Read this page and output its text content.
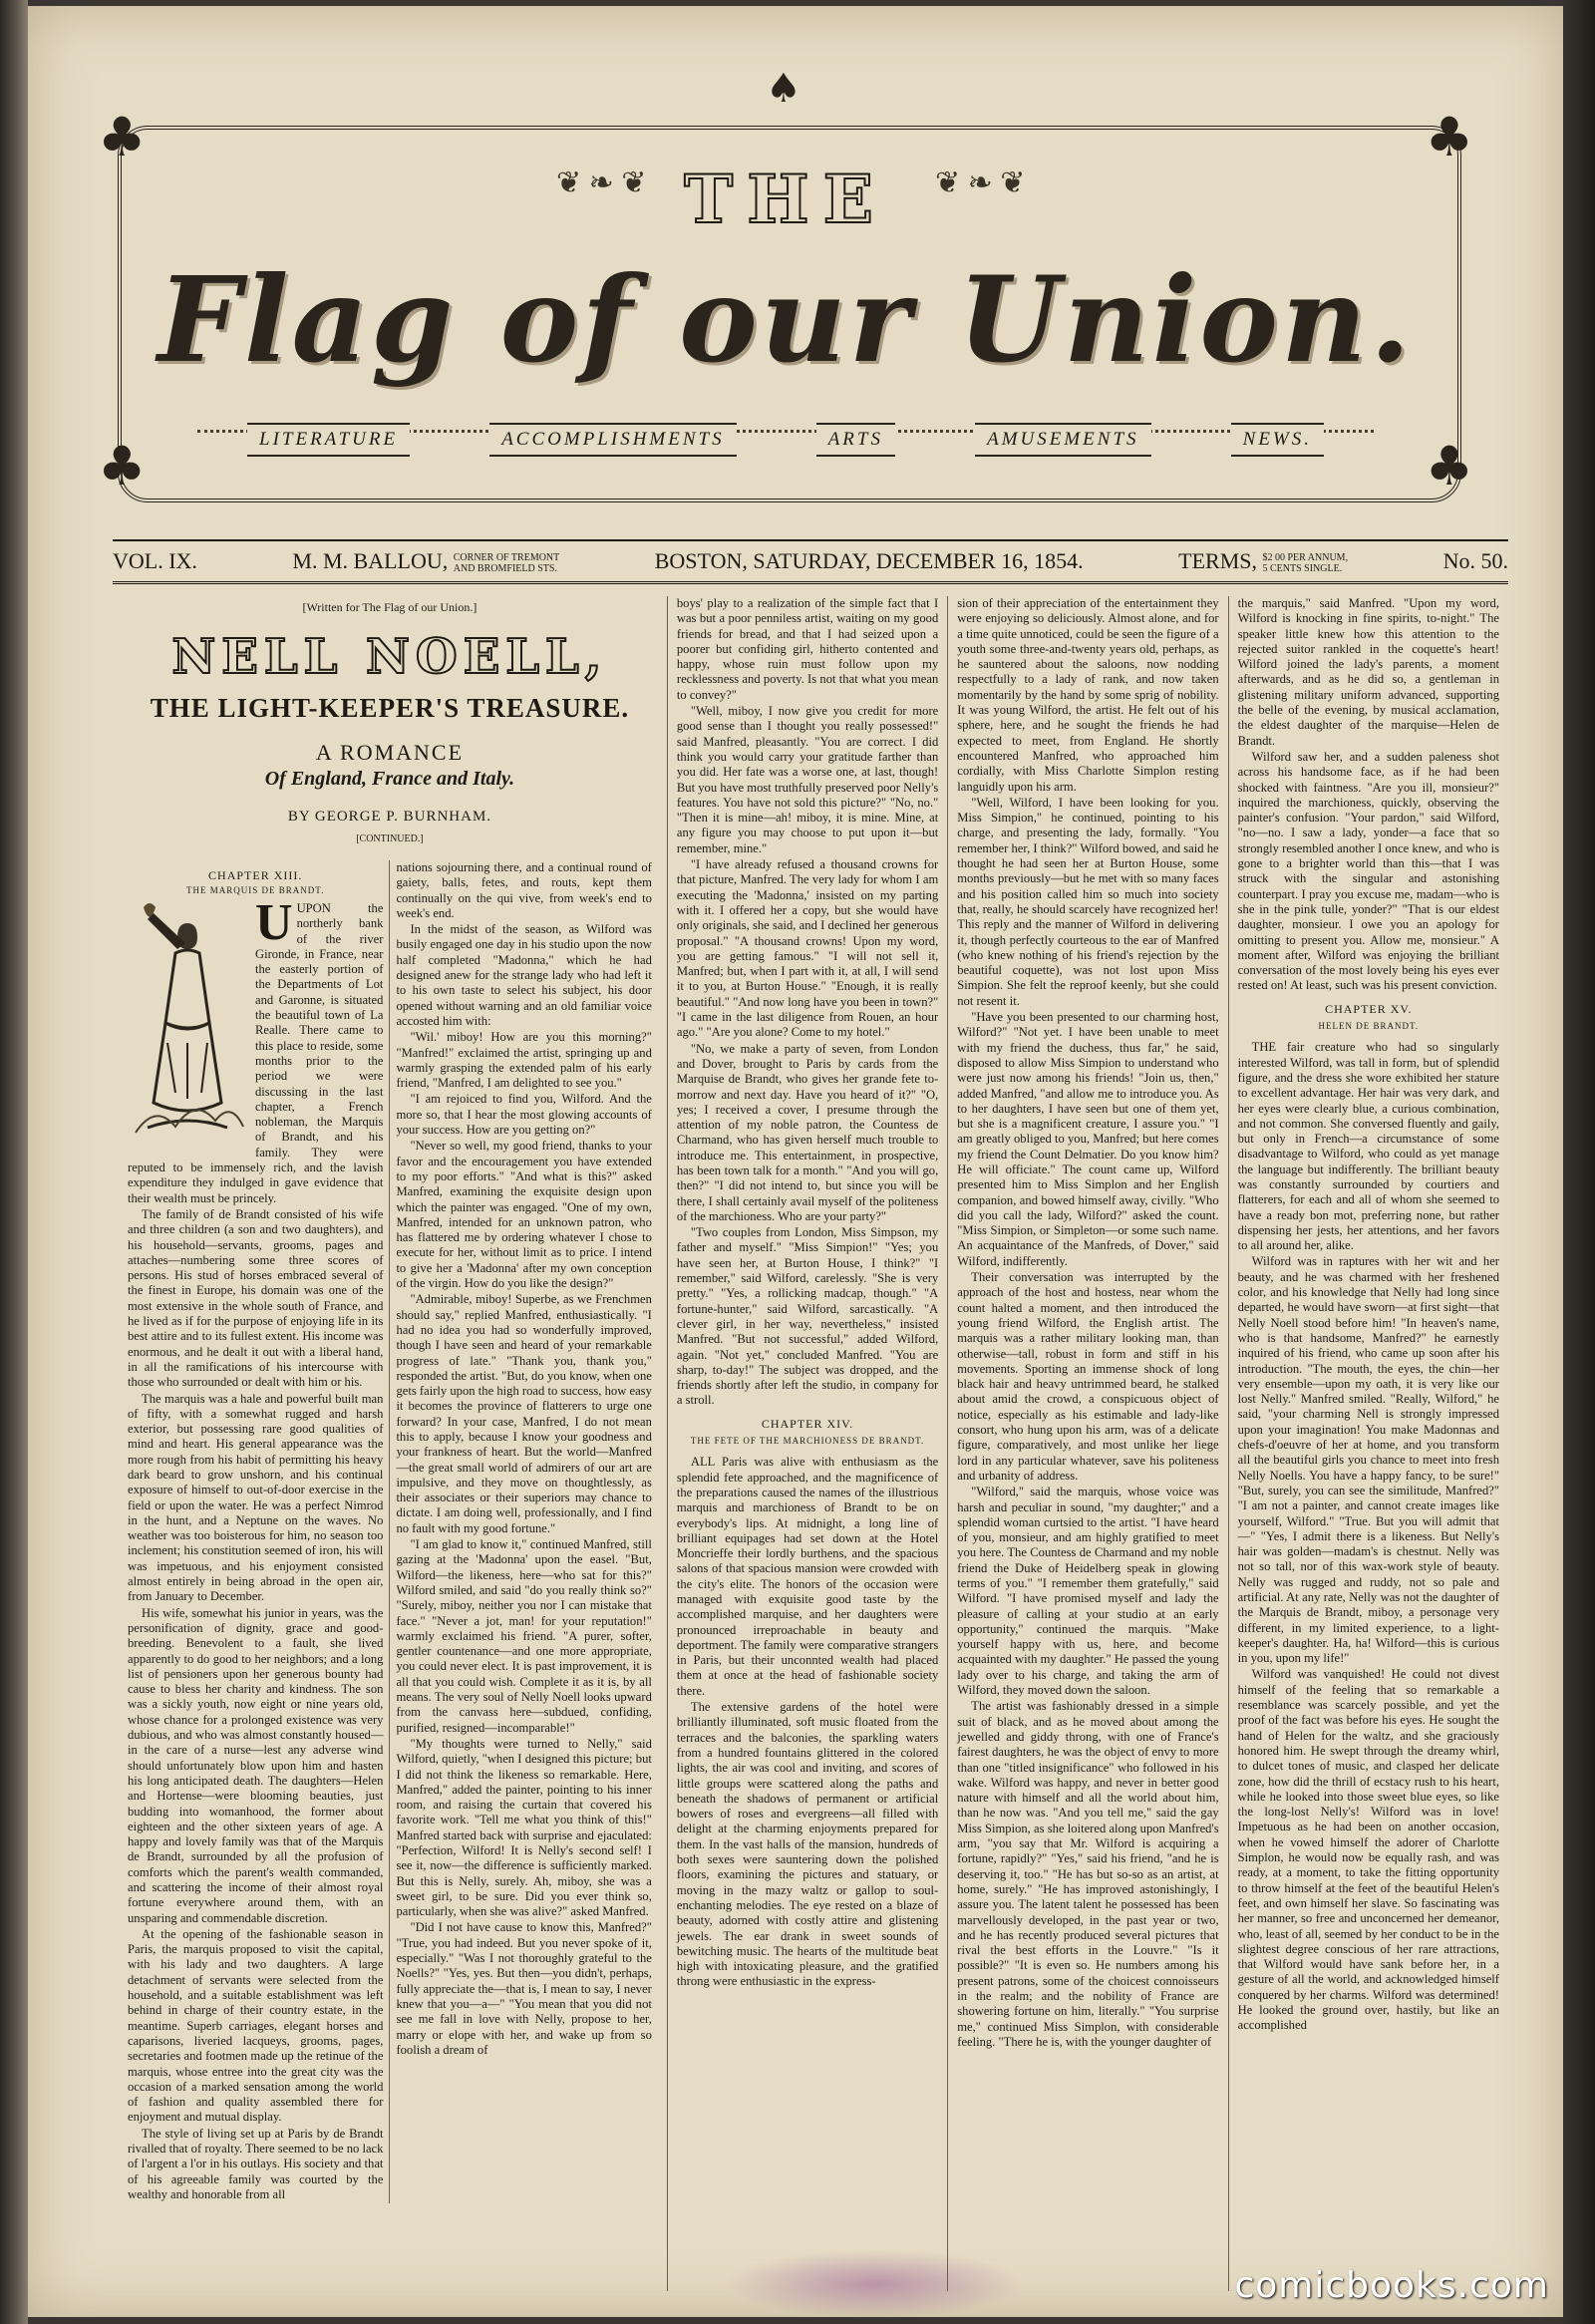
♣	♣
♣	♣
♠
❦ ❧ ❦	❦ ❧ ❦
THE
Flag of our Union.
LITERATURE	ACCOMPLISHMENTS	ARTS	AMUSEMENTS	NEWS.
VOL. IX.	M. M. BALLOU, CORNER OF TREMONT
AND BROMFIELD STS.	BOSTON, SATURDAY, DECEMBER 16, 1854.	TERMS, $2 00 PER ANNUM,
5 CENTS SINGLE.	No. 50.
[Written for The Flag of our Union.]
NELL NOELL,
THE LIGHT-KEEPER'S TREASURE.
A ROMANCE
Of England, France and Italy.
BY GEORGE P. BURNHAM.
[CONTINUED.]
CHAPTER XIII.
THE MARQUIS DE BRANDT.
U UPON the northerly bank of the river Gironde, in France, near the easterly portion of the Departments of Lot and Garonne, is situated the beautiful town of La Realle. There came to this place to reside, some months prior to the period we were discussing in the last chapter, a French nobleman, the Marquis of Brandt, and his family. They were reputed to be immensely rich, and the lavish expenditure they indulged in gave evidence that their wealth must be princely.

The family of de Brandt consisted of his wife and three children (a son and two daughters), and his household—servants, grooms, pages and attaches—numbering some three scores of persons. His stud of horses embraced several of the finest in Europe, his domain was one of the most extensive in the whole south of France, and he lived as if for the purpose of enjoying life in its best attire and to its fullest extent. His income was enormous, and he dealt it out with a liberal hand, in all the ramifications of his intercourse with those who surrounded or dealt with him or his.

The marquis was a hale and powerful built man of fifty, with a somewhat rugged and harsh exterior, but possessing rare good qualities of mind and heart. His general appearance was the more rough from his habit of permitting his heavy dark beard to grow unshorn, and his continual exposure of himself to out-of-door exercise in the field or upon the water. He was a perfect Nimrod in the hunt, and a Neptune on the waves. No weather was too boisterous for him, no season too inclement; his constitution seemed of iron, his will was impetuous, and his enjoyment consisted almost entirely in being abroad in the open air, from January to December.

His wife, somewhat his junior in years, was the personification of dignity, grace and good-breeding. Benevolent to a fault, she lived apparently to do good to her neighbors; and a long list of pensioners upon her generous bounty had cause to bless her charity and kindness. The son was a sickly youth, now eight or nine years old, whose chance for a prolonged existence was very dubious, and who was almost constantly housed—in the care of a nurse—lest any adverse wind should unfortunately blow upon him and hasten his long anticipated death. The daughters—Helen and Hortense—were blooming beauties, just budding into womanhood, the former about eighteen and the other sixteen years of age. A happy and lovely family was that of the Marquis de Brandt, surrounded by all the profusion of comforts which the parent's wealth commanded, and scattering the income of their almost royal fortune everywhere around them, with an unsparing and commendable discretion.

At the opening of the fashionable season in Paris, the marquis proposed to visit the capital, with his lady and two daughters. A large detachment of servants were selected from the household, and a suitable establishment was left behind in charge of their country estate, in the meantime. Superb carriages, elegant horses and caparisons, liveried lacqueys, grooms, pages, secretaries and footmen made up the retinue of the marquis, whose entree into the great city was the occasion of a marked sensation among the world of fashion and quality assembled there for enjoyment and mutual display.

The style of living set up at Paris by de Brandt rivalled that of royalty. There seemed to be no lack of l'argent a l'or in his outlays. His society and that of his agreeable family was courted by the wealthy and honorable from all

nations sojourning there, and a continual round of gaiety, balls, fetes, and routs, kept them continually on the qui vive, from week's end to week's end.

In the midst of the season, as Wilford was busily engaged one day in his studio upon the now half completed "Madonna," which he had designed anew for the strange lady who had left it to his own taste to select his subject, his door opened without warning and an old familiar voice accosted him with:

"Wil.' miboy! How are you this morning?" "Manfred!" exclaimed the artist, springing up and warmly grasping the extended palm of his early friend, "Manfred, I am delighted to see you."

"I am rejoiced to find you, Wilford. And the more so, that I hear the most glowing accounts of your success. How are you getting on?"

"Never so well, my good friend, thanks to your favor and the encouragement you have extended to my poor efforts." "And what is this?" asked Manfred, examining the exquisite design upon which the painter was engaged. "One of my own, Manfred, intended for an unknown patron, who has flattered me by ordering whatever I chose to execute for her, without limit as to price. I intend to give her a 'Madonna' after my own conception of the virgin. How do you like the design?"

"Admirable, miboy! Superbe, as we Frenchmen should say," replied Manfred, enthusiastically. "I had no idea you had so wonderfully improved, though I have seen and heard of your remarkable progress of late." "Thank you, thank you," responded the artist. "But, do you know, when one gets fairly upon the high road to success, how easy it becomes the province of flatterers to urge one forward? In your case, Manfred, I do not mean this to apply, because I know your goodness and your frankness of heart. But the world—Manfred—the great small world of admirers of our art are impulsive, and they move on thoughtlessly, as their associates or their superiors may chance to dictate. I am doing well, professionally, and I find no fault with my good fortune."

"I am glad to know it," continued Manfred, still gazing at the 'Madonna' upon the easel. "But, Wilford—the likeness, here—who sat for this?" Wilford smiled, and said "do you really think so?" "Surely, miboy, neither you nor I can mistake that face." "Never a jot, man! for your reputation!" warmly exclaimed his friend. "A purer, softer, gentler countenance—and one more appropriate, you could never elect. It is past improvement, it is all that you could wish. Complete it as it is, by all means. The very soul of Nelly Noell looks upward from the canvass here—subdued, confiding, purified, resigned—incomparable!"

"My thoughts were turned to Nelly," said Wilford, quietly, "when I designed this picture; but I did not think the likeness so remarkable. Here, Manfred," added the painter, pointing to his inner room, and raising the curtain that covered his favorite work. "Tell me what you think of this!" Manfred started back with surprise and ejaculated: "Perfection, Wilford! It is Nelly's second self! I see it, now—the difference is sufficiently marked. But this is Nelly, surely. Ah, miboy, she was a sweet girl, to be sure. Did you ever think so, particularly, when she was alive?" asked Manfred.

"Did I not have cause to know this, Manfred?" "True, you had indeed. But you never spoke of it, especially." "Was I not thoroughly grateful to the Noells?" "Yes, yes. But then—you didn't, perhaps, fully appreciate the—that is, I mean to say, I never knew that you—a—" "You mean that you did not see me fall in love with Nelly, propose to her, marry or elope with her, and wake up from so foolish a dream of

boys' play to a realization of the simple fact that I was but a poor penniless artist, waiting on my good friends for bread, and that I had seized upon a poorer but confiding girl, hitherto contented and happy, whose ruin must follow upon my recklessness and poverty. Is not that what you mean to convey?"

"Well, miboy, I now give you credit for more good sense than I thought you really possessed!" said Manfred, pleasantly. "You are correct. I did think you would carry your gratitude farther than you did. Her fate was a worse one, at last, though! But you have most truthfully preserved poor Nelly's features. You have not sold this picture?" "No, no." "Then it is mine—ah! miboy, it is mine. Mine, at any figure you may choose to put upon it—but remember, mine."

"I have already refused a thousand crowns for that picture, Manfred. The very lady for whom I am executing the 'Madonna,' insisted on my parting with it. I offered her a copy, but she would have only originals, she said, and I declined her generous proposal." "A thousand crowns! Upon my word, you are getting famous." "I will not sell it, Manfred; but, when I part with it, at all, I will send it to you, at Burton House." "Enough, it is really beautiful." "And now long have you been in town?" "I came in the last diligence from Rouen, an hour ago." "Are you alone? Come to my hotel."

"No, we make a party of seven, from London and Dover, brought to Paris by cards from the Marquise de Brandt, who gives her grande fete to-morrow and next day. Have you heard of it?" "O, yes; I received a cover, I presume through the attention of my noble patron, the Countess de Charmand, who has given herself much trouble to introduce me. This entertainment, in prospective, has been town talk for a month." "And you will go, then?" "I did not intend to, but since you will be there, I shall certainly avail myself of the politeness of the marchioness. Who are your party?"

"Two couples from London, Miss Simpson, my father and myself." "Miss Simpion!" "Yes; you have seen her, at Burton House, I think?" "I remember," said Wilford, carelessly. "She is very pretty." "Yes, a rollicking madcap, though." "A fortune-hunter," said Wilford, sarcastically. "A clever girl, in her way, nevertheless," insisted Manfred. "But not successful," added Wilford, again. "Not yet," concluded Manfred. "You are sharp, to-day!" The subject was dropped, and the friends shortly after left the studio, in company for a stroll.

CHAPTER XIV.
THE FETE OF THE MARCHIONESS DE BRANDT.

ALL Paris was alive with enthusiasm as the splendid fete approached, and the magnificence of the preparations caused the names of the illustrious marquis and marchioness of Brandt to be on everybody's lips. At midnight, a long line of brilliant equipages had set down at the Hotel Moncrieffe their lordly burthens, and the spacious salons of that spacious mansion were crowded with the city's elite. The honors of the occasion were managed with exquisite good taste by the accomplished marquise, and her daughters were pronounced irreproachable in beauty and deportment. The family were comparative strangers in Paris, but their unconnted wealth had placed them at once at the head of fashionable society there.

The extensive gardens of the hotel were brilliantly illuminated, soft music floated from the terraces and the balconies, the sparkling waters from a hundred fountains glittered in the colored lights, the air was cool and inviting, and scores of little groups were scattered along the paths and beneath the shadows of permanent or artificial bowers of roses and evergreens—all filled with delight at the charming enjoyments prepared for them. In the vast halls of the mansion, hundreds of both sexes were sauntering down the polished floors, examining the pictures and statuary, or moving in the mazy waltz or gallop to soul-enchanting melodies. The eye rested on a blaze of beauty, adorned with costly attire and glistening jewels. The ear drank in sweet sounds of bewitching music. The hearts of the multitude beat high with intoxicating pleasure, and the gratified throng were enthusiastic in the express-

sion of their appreciation of the entertainment they were enjoying so deliciously. Almost alone, and for a time quite unnoticed, could be seen the figure of a youth some three-and-twenty years old, perhaps, as he sauntered about the saloons, now nodding respectfully to a lady of rank, and now taken momentarily by the hand by some sprig of nobility. It was young Wilford, the artist. He felt out of his sphere, here, and he sought the friends he had expected to meet, from England. He shortly encountered Manfred, who approached him cordially, with Miss Charlotte Simplon resting languidly upon his arm.

"Well, Wilford, I have been looking for you. Miss Simpion," he continued, pointing to his charge, and presenting the lady, formally. "You remember her, I think?" Wilford bowed, and said he thought he had seen her at Burton House, some months previously—but he met with so many faces and his position called him so much into society that, really, he should scarcely have recognized her! This reply and the manner of Wilford in delivering it, though perfectly courteous to the ear of Manfred (who knew nothing of his friend's rejection by the beautiful coquette), was not lost upon Miss Simpion. She felt the reproof keenly, but she could not resent it.

"Have you been presented to our charming host, Wilford?" "Not yet. I have been unable to meet with my friend the duchess, thus far," he said, disposed to allow Miss Simpion to understand who were just now among his friends! "Join us, then," added Manfred, "and allow me to introduce you. As to her daughters, I have seen but one of them yet, but she is a magnificent creature, I assure you." "I am greatly obliged to you, Manfred; but here comes my friend the Count Delmatier. Do you know him? He will officiate." The count came up, Wilford presented him to Miss Simplon and her English companion, and bowed himself away, civilly. "Who did you call the lady, Wilford?" asked the count. "Miss Simpion, or Simpleton—or some such name. An acquaintance of the Manfreds, of Dover," said Wilford, indifferently.

Their conversation was interrupted by the approach of the host and hostess, near whom the count halted a moment, and then introduced the young friend Wilford, the English artist. The marquis was a rather military looking man, than otherwise—tall, robust in form and stiff in his movements. Sporting an immense shock of long black hair and heavy untrimmed beard, he stalked about amid the crowd, a conspicuous object of notice, especially as his estimable and lady-like consort, who hung upon his arm, was of a delicate figure, comparatively, and most unlike her liege lord in any particular whatever, save his politeness and urbanity of address.

"Wilford," said the marquis, whose voice was harsh and peculiar in sound, "my daughter;" and a splendid woman curtsied to the artist. "I have heard of you, monsieur, and am highly gratified to meet you here. The Countess de Charmand and my noble friend the Duke of Heidelberg speak in glowing terms of you." "I remember them gratefully," said Wilford. "I have promised myself and lady the pleasure of calling at your studio at an early opportunity," continued the marquis. "Make yourself happy with us, here, and become acquainted with my daughter." He passed the young lady over to his charge, and taking the arm of Wilford, they moved down the saloon.

The artist was fashionably dressed in a simple suit of black, and as he moved about among the jewelled and giddy throng, with one of France's fairest daughters, he was the object of envy to more than one "titled insignificance" who followed in his wake. Wilford was happy, and never in better good nature with himself and all the world about him, than he now was. "And you tell me," said the gay Miss Simpion, as she loitered along upon Manfred's arm, "you say that Mr. Wilford is acquiring a fortune, rapidly?" "Yes," said his friend, "and he is deserving it, too." "He has but so-so as an artist, at home, surely." "He has improved astonishingly, I assure you. The latent talent he possessed has been marvellously developed, in the past year or two, and he has recently produced several pictures that rival the best efforts in the Louvre." "Is it possible?" "It is even so. He numbers among his present patrons, some of the choicest connoisseurs in the realm; and the nobility of France are showering fortune on him, literally." "You surprise me," continued Miss Simplon, with considerable feeling. "There he is, with the younger daughter of

the marquis," said Manfred. "Upon my word, Wilford is knocking in fine spirits, to-night." The speaker little knew how this attention to the rejected suitor rankled in the coquette's heart! Wilford joined the lady's parents, a moment afterwards, and as he did so, a gentleman in glistening military uniform advanced, supporting the belle of the evening, by musical acclamation, the eldest daughter of the marquise—Helen de Brandt.

Wilford saw her, and a sudden paleness shot across his handsome face, as if he had been shocked with faintness. "Are you ill, monsieur?" inquired the marchioness, quickly, observing the painter's confusion. "Your pardon," said Wilford, "no—no. I saw a lady, yonder—a face that so strongly resembled another I once knew, and who is gone to a brighter world than this—that I was struck with the singular and astonishing counterpart. I pray you excuse me, madam—who is she in the pink tulle, yonder?" "That is our eldest daughter, monsieur. I owe you an apology for omitting to present you. Allow me, monsieur." A moment after, Wilford was enjoying the brilliant conversation of the most lovely being his eyes ever rested on! At least, such was his present conviction.

CHAPTER XV.
HELEN DE BRANDT.

THE fair creature who had so singularly interested Wilford, was tall in form, but of splendid figure, and the dress she wore exhibited her stature to excellent advantage. Her hair was very dark, and her eyes were clearly blue, a curious combination, and not common. She conversed fluently and gaily, but only in French—a circumstance of some disadvantage to Wilford, who could as yet manage the language but indifferently. The brilliant beauty was constantly surrounded by courtiers and flatterers, for each and all of whom she seemed to have a ready bon mot, preferring none, but rather dispensing her jests, her attentions, and her favors to all around her, alike.

Wilford was in raptures with her wit and her beauty, and he was charmed with her freshened color, and his knowledge that Nelly had long since departed, he would have sworn—at first sight—that Nelly Noell stood before him! "In heaven's name, who is that handsome, Manfred?" he earnestly inquired of his friend, who came up soon after his introduction. "The mouth, the eyes, the chin—her very ensemble—upon my oath, it is very like our lost Nelly." Manfred smiled. "Really, Wilford," he said, "your charming Nell is strongly impressed upon your imagination! You make Madonnas and chefs-d'oeuvre of her at home, and you transform all the beautiful girls you chance to meet into fresh Nelly Noells. You have a happy fancy, to be sure!" "But, surely, you can see the similitude, Manfred?" "I am not a painter, and cannot create images like yourself, Wilford." "True. But you will admit that—" "Yes, I admit there is a likeness. But Nelly's hair was golden—madam's is chestnut. Nelly was not so tall, nor of this wax-work style of beauty. Nelly was rugged and ruddy, not so pale and artificial. At any rate, Nelly was not the daughter of the Marquis de Brandt, miboy, a personage very different, in my limited experience, to a light-keeper's daughter. Ha, ha! Wilford—this is curious in you, upon my life!"

Wilford was vanquished! He could not divest himself of the feeling that so remarkable a resemblance was scarcely possible, and yet the proof of the fact was before his eyes. He sought the hand of Helen for the waltz, and she graciously honored him. He swept through the dreamy whirl, to dulcet tones of music, and clasped her delicate zone, how did the thrill of ecstacy rush to his heart, while he looked into those sweet blue eyes, so like the long-lost Nelly's! Wilford was in love! Impetuous as he had been on another occasion, when he vowed himself the adorer of Charlotte Simplon, he would now be equally rash, and was ready, at a moment, to take the fitting opportunity to throw himself at the feet of the beautiful Helen's feet, and own himself her slave. So fascinating was her manner, so free and unconcerned her demeanor, who, least of all, seemed by her conduct to be in the slightest degree conscious of her rare attractions, that Wilford would have sank before her, in a gesture of all the world, and acknowledged himself conquered by her charms. Wilford was determined! He looked the ground over, hastily, but like an accomplished

comicbooks.com
